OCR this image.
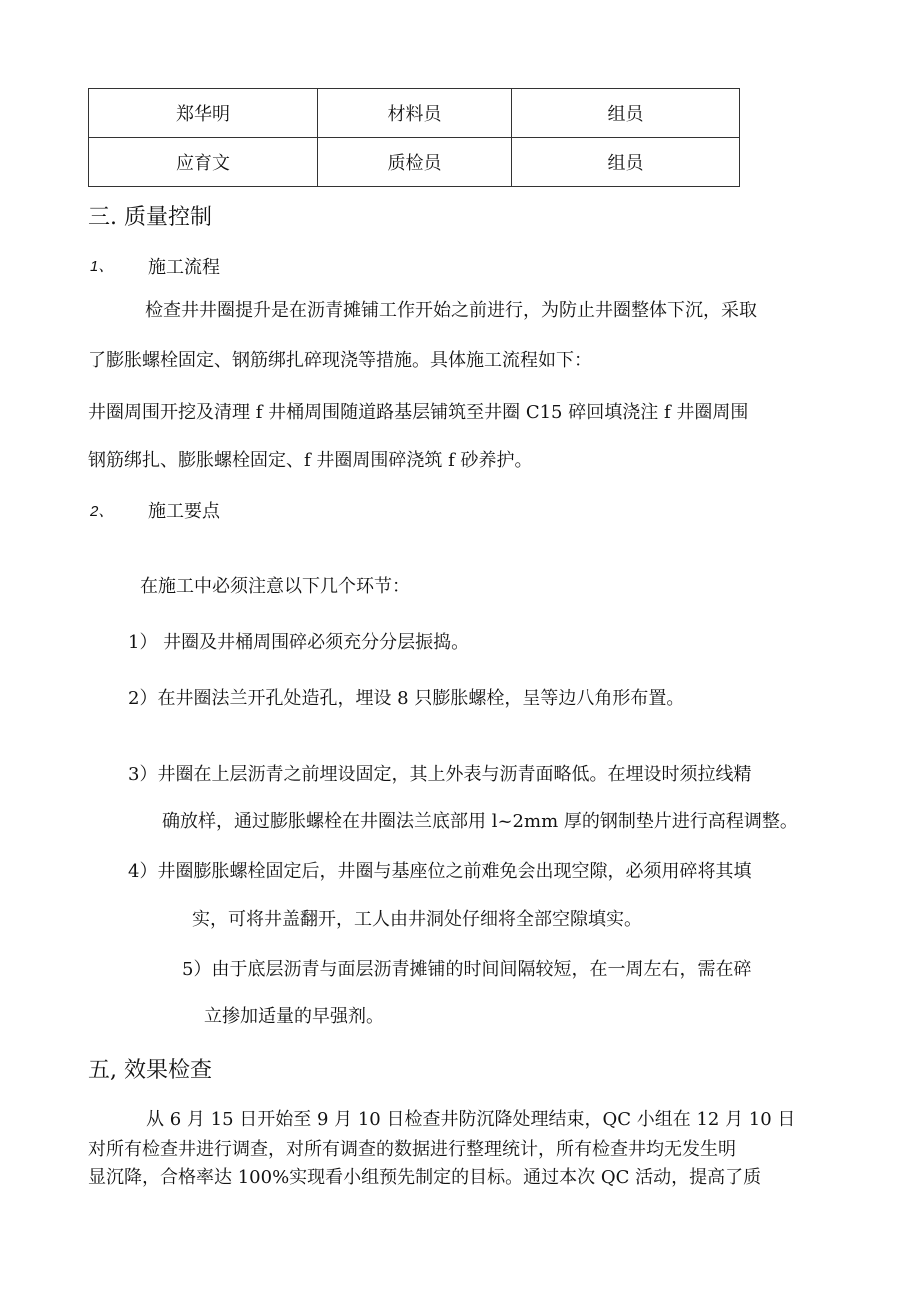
郑华明	材料员	组员
应育文	质检员	组员
三. 质量控制
1、 施工流程
检查井井圈提升是在沥青摊铺工作开始之前进行，为防止井圈整体下沉，采取
了膨胀螺栓固定、钢筋绑扎碎现浇等措施。具体施工流程如下：
井圈周围开挖及清理 f 井桶周围随道路基层铺筑至井圈 C15 碎回填浇注 f 井圈周围
钢筋绑扎、膨胀螺栓固定、f 井圈周围碎浇筑 f 砂养护。
2、 施工要点
在施工中必须注意以下几个环节：
1） 井圈及井桶周围碎必须充分分层振捣。
2）在井圈法兰开孔处造孔，埋设 8 只膨胀螺栓，呈等边八角形布置。
3）井圈在上层沥青之前埋设固定，其上外表与沥青面略低。在埋设时须拉线精
确放样，通过膨胀螺栓在井圈法兰底部用 l~2mm 厚的钢制垫片进行高程调整。
4）井圈膨胀螺栓固定后，井圈与基座位之前难免会出现空隙，必须用碎将其填
实，可将井盖翻开，工人由井洞处仔细将全部空隙填实。
5）由于底层沥青与面层沥青摊铺的时间间隔较短，在一周左右，需在碎
立掺加适量的早强剂。
五, 效果检查
从 6 月 15 日开始至 9 月 10 日检查井防沉降处理结束，QC 小组在 12 月 10 日
对所有检查井进行调查，对所有调查的数据进行整理统计，所有检查井均无发生明
显沉降，合格率达 100%实现看小组预先制定的目标。通过本次 QC 活动，提高了质
